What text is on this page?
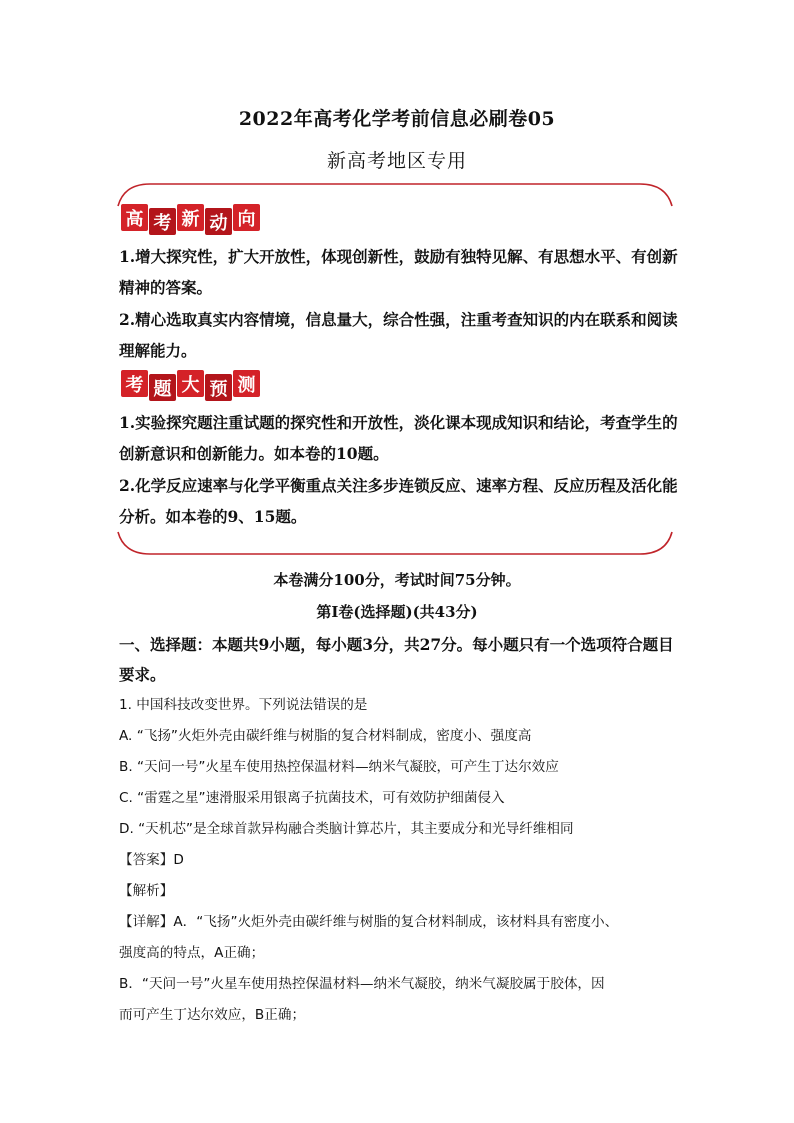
2022年高考化学考前信息必刷卷05
新高考地区专用
高 考 新 动 向
1.增大探究性，扩大开放性，体现创新性，鼓励有独特见解、有思想水平、有创新精神的答案。
2.精心选取真实内容情境，信息量大，综合性强，注重考查知识的内在联系和阅读理解能力。
考 题 大 预 测
1.实验探究题注重试题的探究性和开放性，淡化课本现成知识和结论，考查学生的创新意识和创新能力。如本卷的10题。
2.化学反应速率与化学平衡重点关注多步连锁反应、速率方程、反应历程及活化能分析。如本卷的9、15题。
本卷满分100分，考试时间75分钟。
第I卷(选择题)(共43分)
一、选择题：本题共9小题，每小题3分，共27分。每小题只有一个选项符合题目要求。
1. 中国科技改变世界。下列说法错误的是
A. “飞扬”火炬外壳由碳纤维与树脂的复合材料制成，密度小、强度高
B. “天问一号”火星车使用热控保温材料—纳米气凝胶，可产生丁达尔效应
C. “雷霆之星”速滑服采用银离子抗菌技术，可有效防护细菌侵入
D. “天机芯”是全球首款异构融合类脑计算芯片，其主要成分和光导纤维相同
【答案】D
【解析】
【详解】A．“飞扬”火炬外壳由碳纤维与树脂的复合材料制成，该材料具有密度小、
强度高的特点，A正确；
B．“天问一号”火星车使用热控保温材料—纳米气凝胶，纳米气凝胶属于胶体，因
而可产生丁达尔效应，B正确；
